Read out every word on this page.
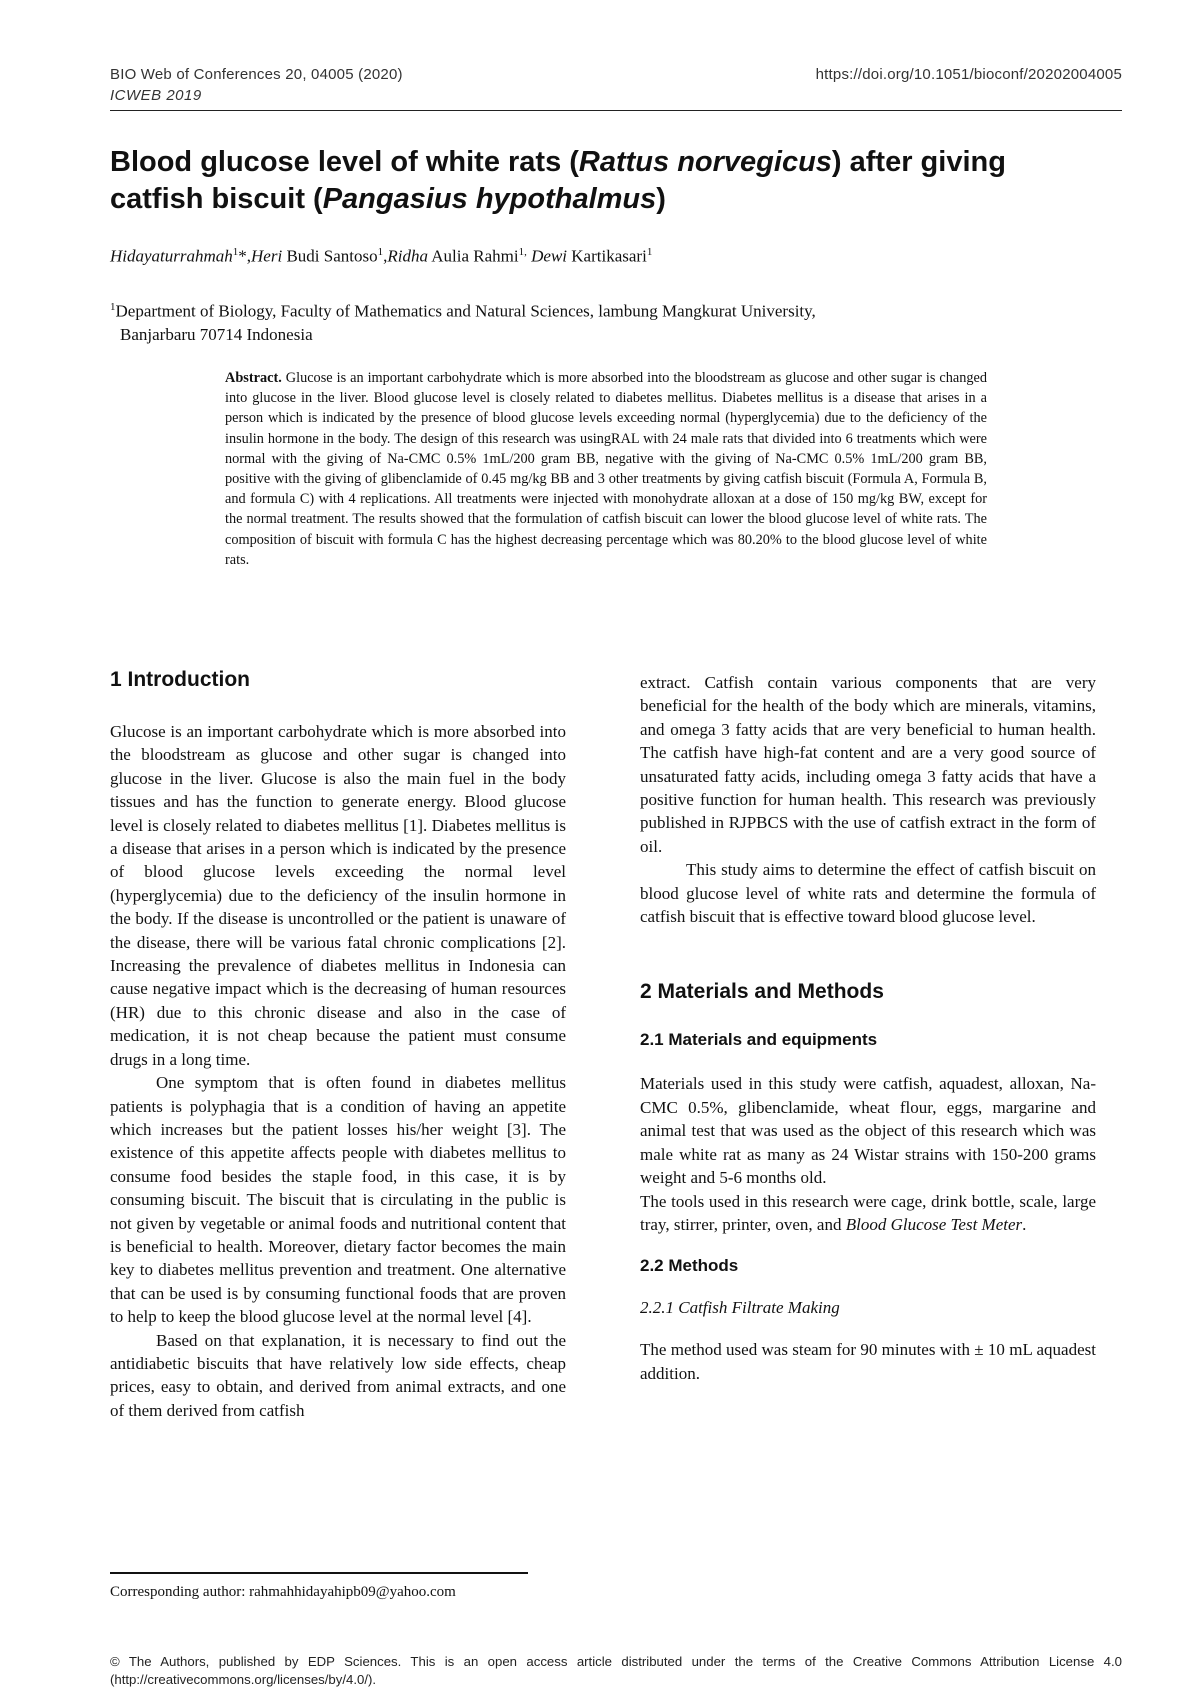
BIO Web of Conferences 20, 04005 (2020)	https://doi.org/10.1051/bioconf/20202004005
ICWEB 2019
Blood glucose level of white rats (Rattus norvegicus) after giving catfish biscuit (Pangasius hypothalmus)
Hidayaturrahmah$^1$*,Heri Budi Santoso$^1$,Ridha Aulia Rahmi$^{1,}$ Dewi Kartikasari$^1$
$^1$Department of Biology, Faculty of Mathematics and Natural Sciences, lambung Mangkurat University,
Banjarbaru 70714 Indonesia
Abstract. Glucose is an important carbohydrate which is more absorbed into the bloodstream as glucose and other sugar is changed into glucose in the liver. Blood glucose level is closely related to diabetes mellitus. Diabetes mellitus is a disease that arises in a person which is indicated by the presence of blood glucose levels exceeding normal (hyperglycemia) due to the deficiency of the insulin hormone in the body. The design of this research was usingRAL with 24 male rats that divided into 6 treatments which were normal with the giving of Na-CMC 0.5% 1mL/200 gram BB, negative with the giving of Na-CMC 0.5% 1mL/200 gram BB, positive with the giving of glibenclamide of 0.45 mg/kg BB and 3 other treatments by giving catfish biscuit (Formula A, Formula B, and formula C) with 4 replications. All treatments were injected with monohydrate alloxan at a dose of 150 mg/kg BW, except for the normal treatment. The results showed that the formulation of catfish biscuit can lower the blood glucose level of white rats. The composition of biscuit with formula C has the highest decreasing percentage which was 80.20% to the blood glucose level of white rats.

1 Introduction

Glucose is an important carbohydrate which is more absorbed into the bloodstream as glucose and other sugar is changed into glucose in the liver. Glucose is also the main fuel in the body tissues and has the function to generate energy. Blood glucose level is closely related to diabetes mellitus [1]. Diabetes mellitus is a disease that arises in a person which is indicated by the presence of blood glucose levels exceeding the normal level (hyperglycemia) due to the deficiency of the insulin hormone in the body. If the disease is uncontrolled or the patient is unaware of the disease, there will be various fatal chronic complications [2]. Increasing the prevalence of diabetes mellitus in Indonesia can cause negative impact which is the decreasing of human resources (HR) due to this chronic disease and also in the case of medication, it is not cheap because the patient must consume drugs in a long time.

One symptom that is often found in diabetes mellitus patients is polyphagia that is a condition of having an appetite which increases but the patient losses his/her weight [3]. The existence of this appetite affects people with diabetes mellitus to consume food besides the staple food, in this case, it is by consuming biscuit. The biscuit that is circulating in the public is not given by vegetable or animal foods and nutritional content that is beneficial to health. Moreover, dietary factor becomes the main key to diabetes mellitus prevention and treatment. One alternative that can be used is by consuming functional foods that are proven to help to keep the blood glucose level at the normal level [4].

Based on that explanation, it is necessary to find out the antidiabetic biscuits that have relatively low side effects, cheap prices, easy to obtain, and derived from animal extracts, and one of them derived from catfish

extract. Catfish contain various components that are very beneficial for the health of the body which are minerals, vitamins, and omega 3 fatty acids that are very beneficial to human health. The catfish have high-fat content and are a very good source of unsaturated fatty acids, including omega 3 fatty acids that have a positive function for human health. This research was previously published in RJPBCS with the use of catfish extract in the form of oil.

This study aims to determine the effect of catfish biscuit on blood glucose level of white rats and determine the formula of catfish biscuit that is effective toward blood glucose level.

2 Materials and Methods

2.1 Materials and equipments

Materials used in this study were catfish, aquadest, alloxan, Na-CMC 0.5%, glibenclamide, wheat flour, eggs, margarine and animal test that was used as the object of this research which was male white rat as many as 24 Wistar strains with 150-200 grams weight and 5-6 months old.

The tools used in this research were cage, drink bottle, scale, large tray, stirrer, printer, oven, and Blood Glucose Test Meter.

2.2 Methods

2.2.1 Catfish Filtrate Making

The method used was steam for 90 minutes with ± 10 mL aquadest addition.

Corresponding author: rahmahhidayahipb09@yahoo.com
© The Authors, published by EDP Sciences. This is an open access article distributed under the terms of the Creative Commons Attribution License 4.0 (http://creativecommons.org/licenses/by/4.0/).
